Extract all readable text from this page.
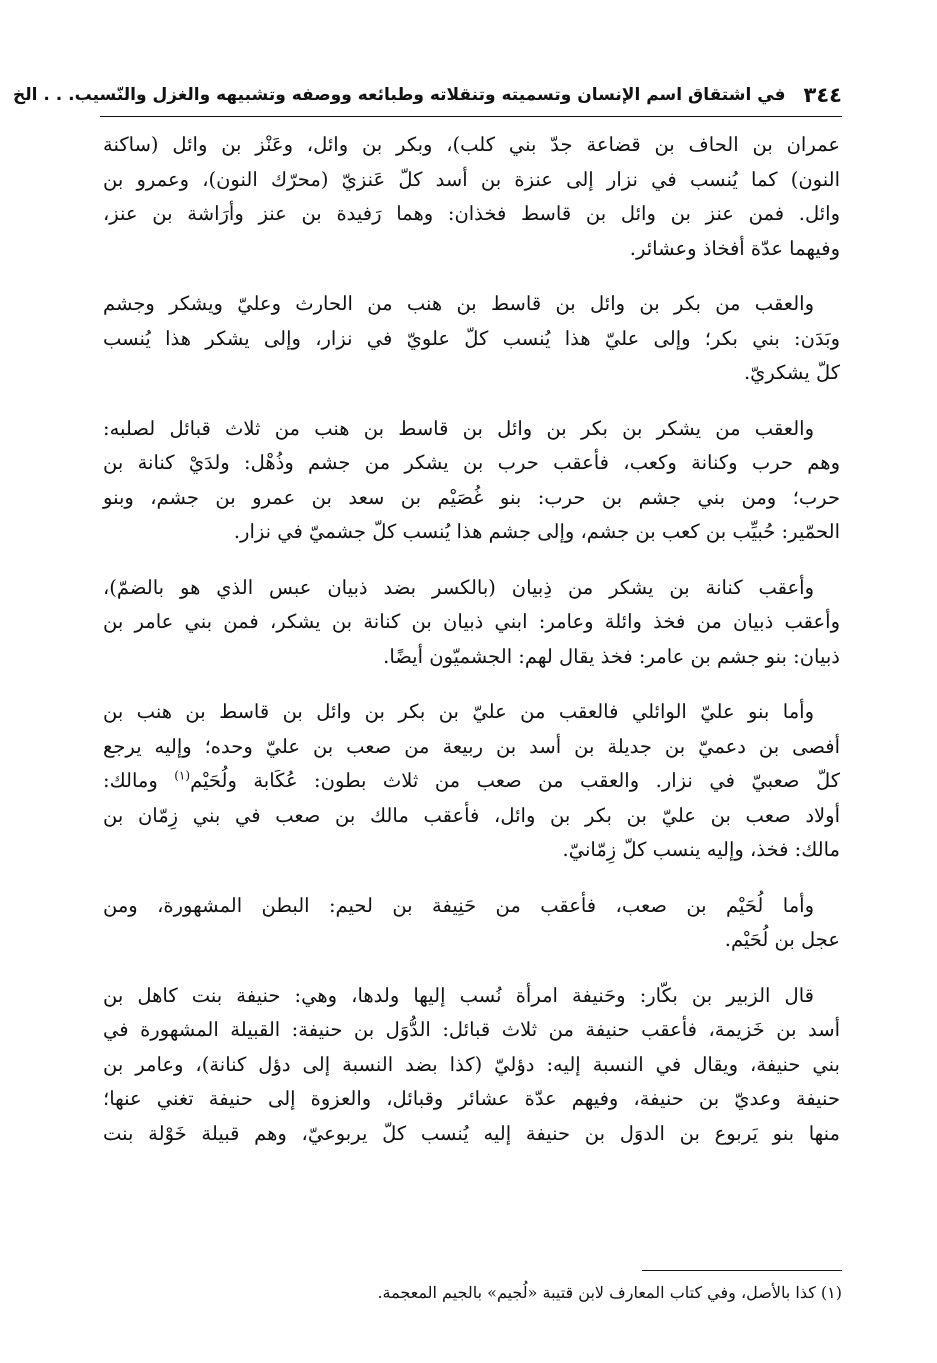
٣٤٤
في اشتقاق اسم الإنسان وتسميته وتنقلاته وطبائعه ووصفه وتشبيهه والغزل والنّسيب. . . الخ
عمران بن الحاف بن قضاعة جدّ بني كلب)، وبكر بن وائل، وعَنْز بن وائل (ساكنة
النون) كما يُنسب في نزار إلى عنزة بن أسد كلّ عَنزيّ (محرّك النون)، وعمرو بن
وائل. فمن عنز بن وائل بن قاسط فخذان: وهما رَفيدة بن عنز وأرَاشة بن عنز،
وفيهما عدّة أفخاذ وعشائر.
والعقب من بكر بن وائل بن قاسط بن هنب من الحارث وعليّ ويشكر وجشم
وبَدَن: بني بكر؛ وإلى عليّ هذا يُنسب كلّ علويّ في نزار، وإلى يشكر هذا يُنسب
كلّ يشكريّ.
والعقب من يشكر بن بكر بن وائل بن قاسط بن هنب من ثلاث قبائل لصلبه:
وهم حرب وكنانة وكعب، فأعقب حرب بن يشكر من جشم وذُهْل: ولدَيْ كنانة بن
حرب؛ ومن بني جشم بن حرب: بنو غُصَيْم بن سعد بن عمرو بن جشم، وبنو
الحمّير: حُبيِّب بن كعب بن جشم، وإلى جشم هذا يُنسب كلّ جشميّ في نزار.
وأعقب كنانة بن يشكر من ذِبيان (بالكسر بضد ذبيان عبس الذي هو بالضمّ)،
وأعقب ذبيان من فخذ وائلة وعامر: ابني ذبيان بن كنانة بن يشكر، فمن بني عامر بن
ذبيان: بنو جشم بن عامر: فخذ يقال لهم: الجشميّون أيضًا.
وأما بنو عليّ الوائلي فالعقب من عليّ بن بكر بن وائل بن قاسط بن هنب بن
أفصى بن دعميّ بن جديلة بن أسد بن ربيعة من صعب بن عليّ وحده؛ وإليه يرجع
كلّ صعبيّ في نزار. والعقب من صعب من ثلاث بطون: عُكَابة ولُحَيْم$^{(١)}$ ومالك:
أولاد صعب بن عليّ بن بكر بن وائل، فأعقب مالك بن صعب في بني زِمّان بن
مالك: فخذ، وإليه ينسب كلّ زِمّانيّ.
وأما لُحَيْم بن صعب، فأعقب من حَنِيفة بن لحيم: البطن المشهورة، ومن
عجل بن لُحَيْم.
قال الزبير بن بكّار: وحَنيفة امرأة نُسب إليها ولدها، وهي: حنيفة بنت كاهل بن
أسد بن خَزيمة، فأعقب حنيفة من ثلاث قبائل: الدُّوَل بن حنيفة: القبيلة المشهورة في
بني حنيفة، ويقال في النسبة إليه: دؤليّ (كذا بضد النسبة إلى دؤل كنانة)، وعامر بن
حنيفة وعديّ بن حنيفة، وفيهم عدّة عشائر وقبائل، والعزوة إلى حنيفة تغني عنها؛
منها بنو يَربوع بن الدوَل بن حنيفة إليه يُنسب كلّ يربوعيّ، وهم قبيلة خَوْلة بنت
(١) كذا بالأصل، وفي كتاب المعارف لابن قتيبة «لُجيم» بالجيم المعجمة.
